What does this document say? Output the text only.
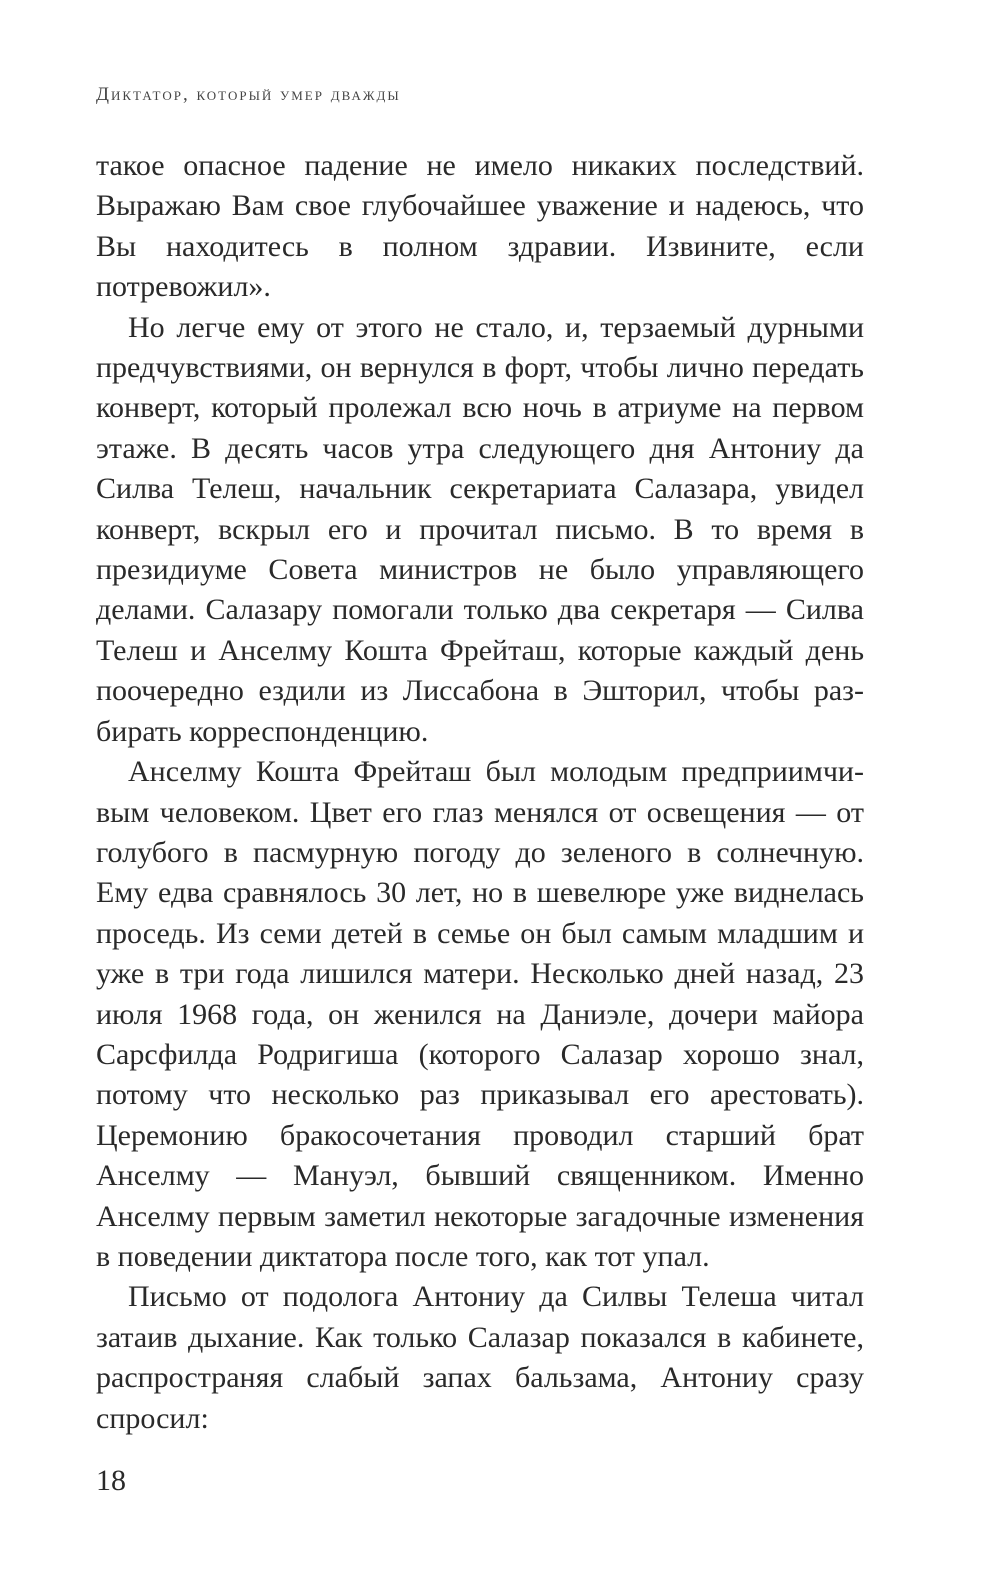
Диктатор, который умер дважды

такое опасное падение не имело никаких последствий. Выражаю Вам свое глубочайшее уважение и надеюсь, что Вы находитесь в полном здравии. Извините, если потревожил».

Но легче ему от этого не стало, и, терзаемый дурными предчувствиями, он вернулся в форт, чтобы лично передать конверт, который пролежал всю ночь в атриуме на первом этаже. В десять часов утра следующего дня Антониу да Силва Телеш, начальник секретариата Салазара, увидел конверт, вскрыл его и прочитал письмо. В то время в президиуме Совета министров не было управляющего делами. Салазару помогали только два секретаря — Силва Телеш и Анселму Кошта Фрейташ, которые каждый день поочередно ездили из Лиссабона в Эшторил, чтобы разбирать корреспонденцию.

Анселму Кошта Фрейташ был молодым предприимчивым человеком. Цвет его глаз менялся от освещения — от голубого в пасмурную погоду до зеленого в солнечную. Ему едва сравнялось 30 лет, но в шевелюре уже виднелась проседь. Из семи детей в семье он был самым младшим и уже в три года лишился матери. Несколько дней назад, 23 июля 1968 года, он женился на Даниэле, дочери майора Сарсфилда Родригиша (которого Салазар хорошо знал, потому что несколько раз приказывал его арестовать). Церемонию бракосочетания проводил старший брат Анселму — Мануэл, бывший священником. Именно Анселму первым заметил некоторые загадочные изменения в поведении диктатора после того, как тот упал.

Письмо от подолога Антониу да Силвы Телеша читал затаив дыхание. Как только Салазар показался в кабинете, распространяя слабый запах бальзама, Антониу сразу спросил:

18
